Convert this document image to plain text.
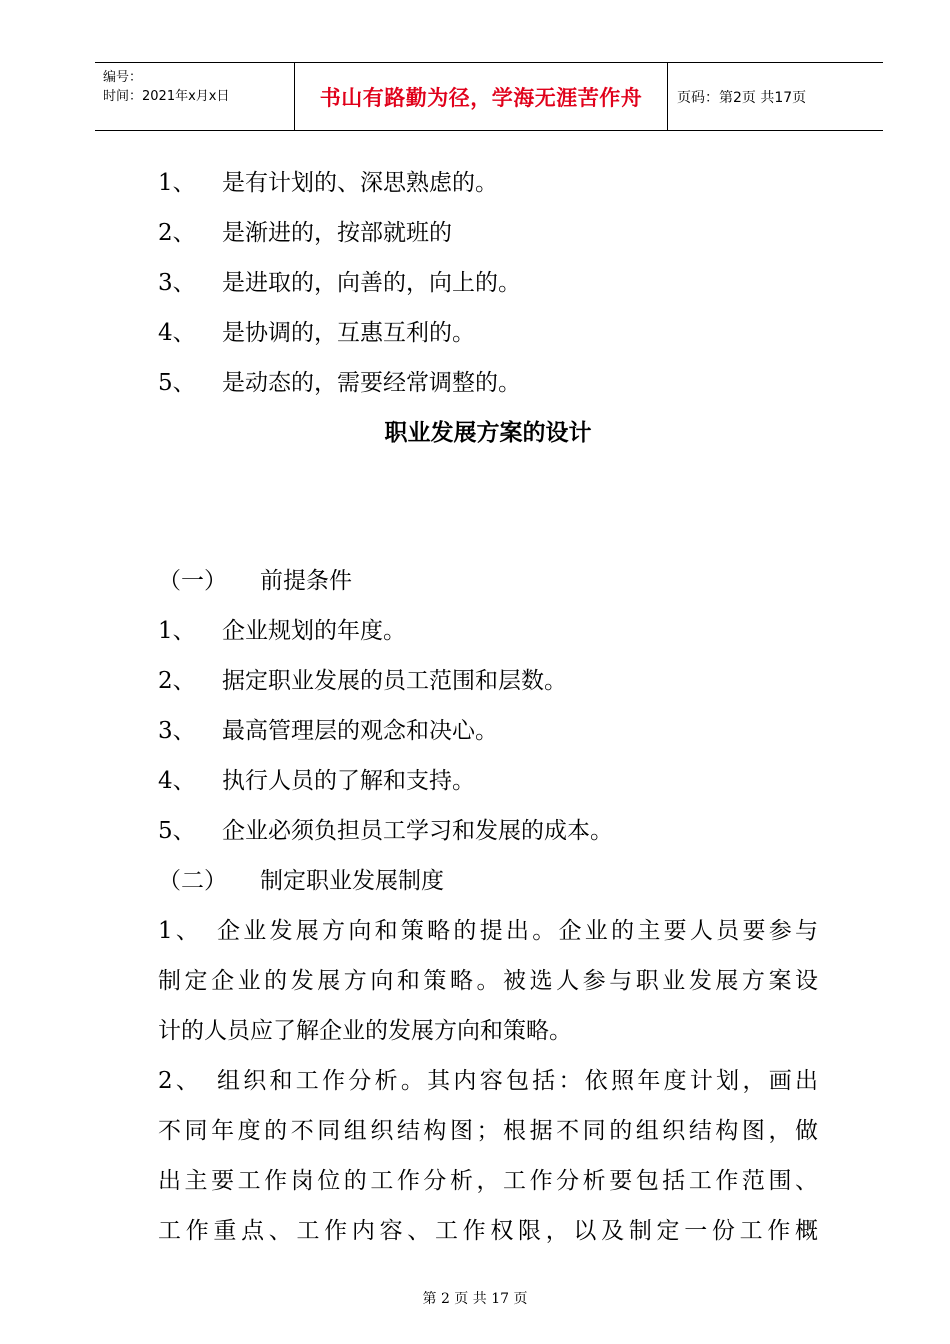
编号：
时间：2021年x月x日	书山有路勤为径，学海无涯苦作舟	页码：第2页 共17页
1、 是有计划的、深思熟虑的。
2、 是渐进的，按部就班的
3、 是进取的，向善的，向上的。
4、 是协调的，互惠互利的。
5、 是动态的，需要经常调整的。
职业发展方案的设计
（一） 前提条件
1、 企业规划的年度。
2、 据定职业发展的员工范围和层数。
3、 最高管理层的观念和决心。
4、 执行人员的了解和支持。
5、 企业必须负担员工学习和发展的成本。
（二） 制定职业发展制度
1、　企业发展方向和策略的提出。企业的主要人员要参与
制定企业的发展方向和策略。被选人参与职业发展方案设
计的人员应了解企业的发展方向和策略。
2、　组织和工作分析。其内容包括：依照年度计划，画出
不同年度的不同组织结构图；根据不同的组织结构图，做
出主要工作岗位的工作分析，工作分析要包括工作范围、
工作重点、工作内容、工作权限，以及制定一份工作概
第 2 页 共 17 页
